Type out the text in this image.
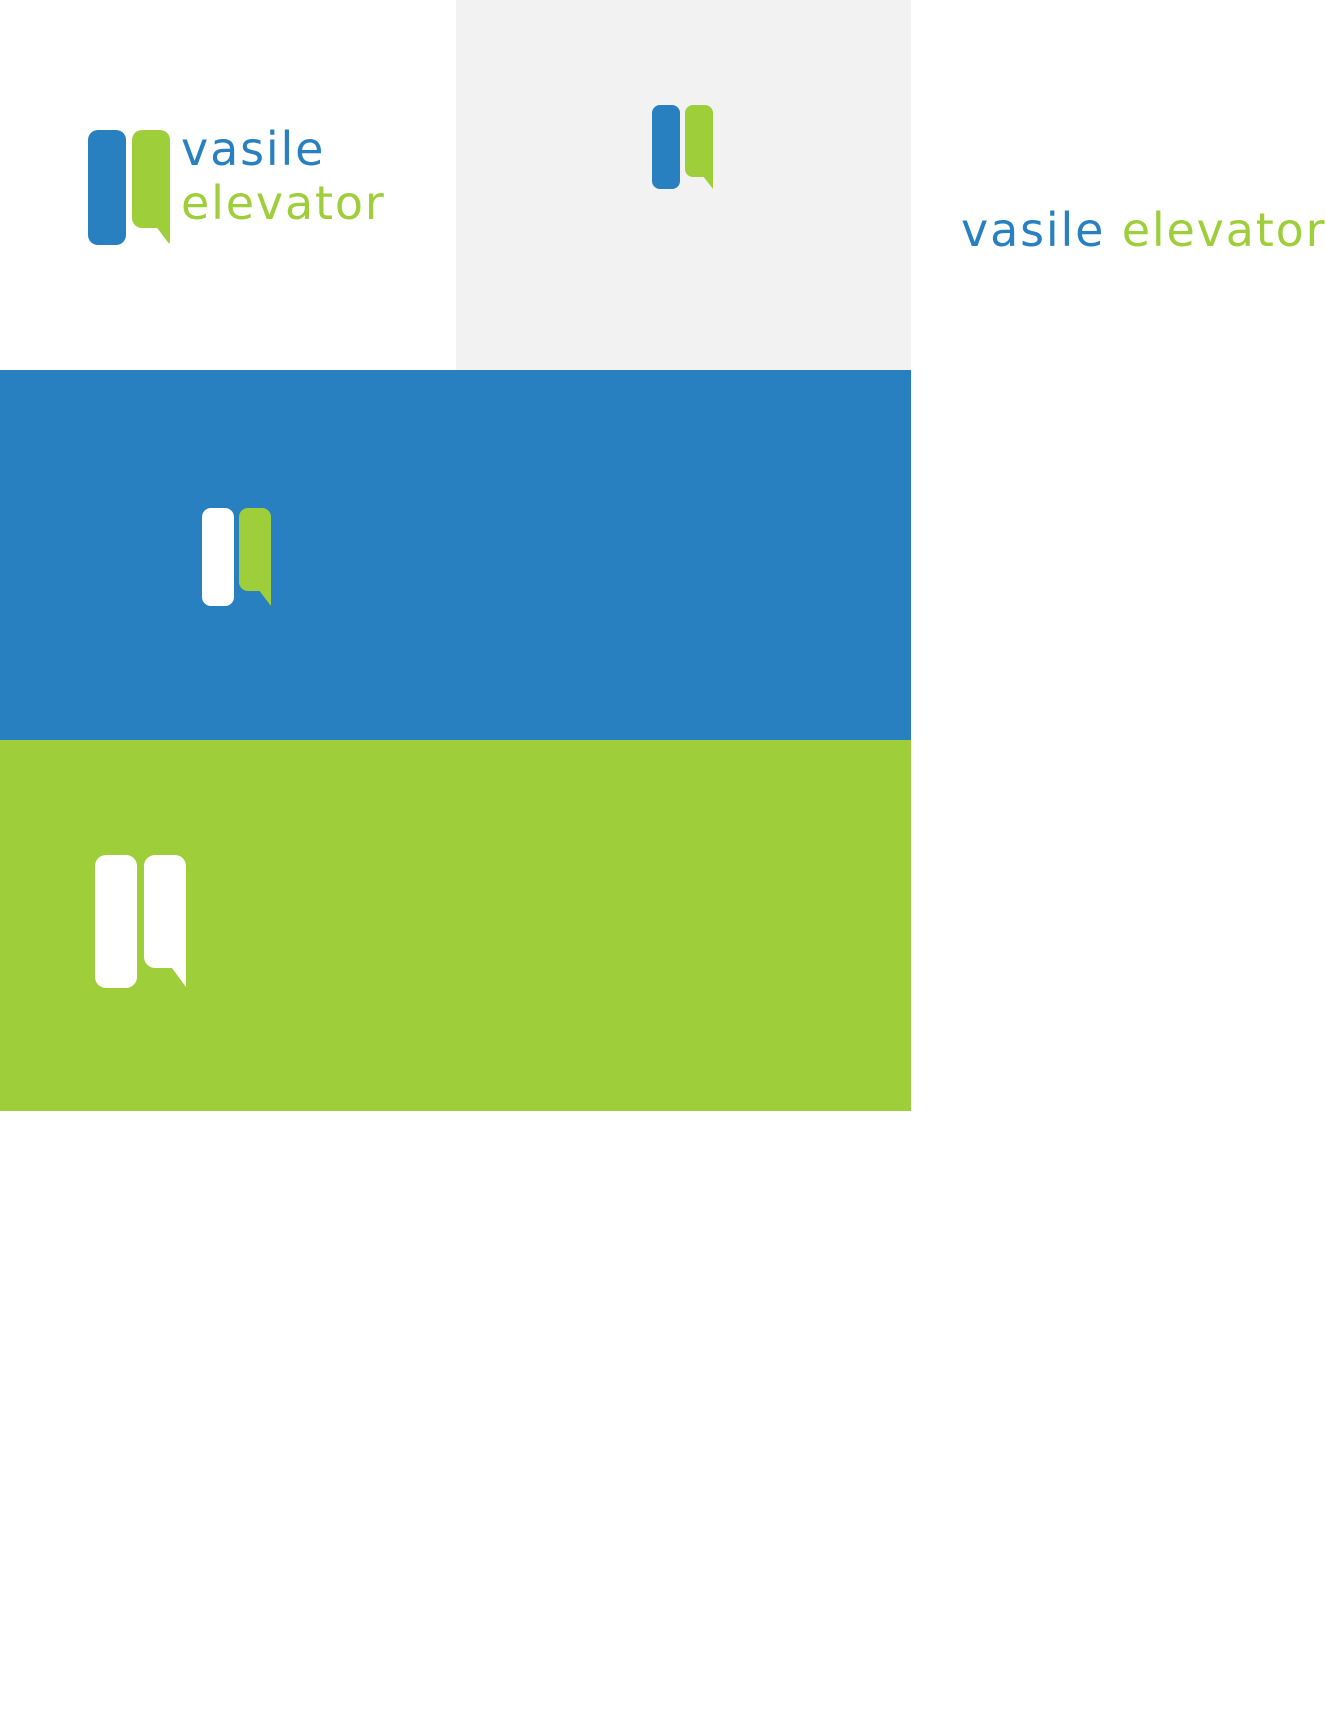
vasile
elevator	vasile elevator

it's simple visual design of elevator with up and down arrows enhancing the look an feel by designing smooth corner following visual consistency with logo mark. simple yet upmarket logo for our business use.
